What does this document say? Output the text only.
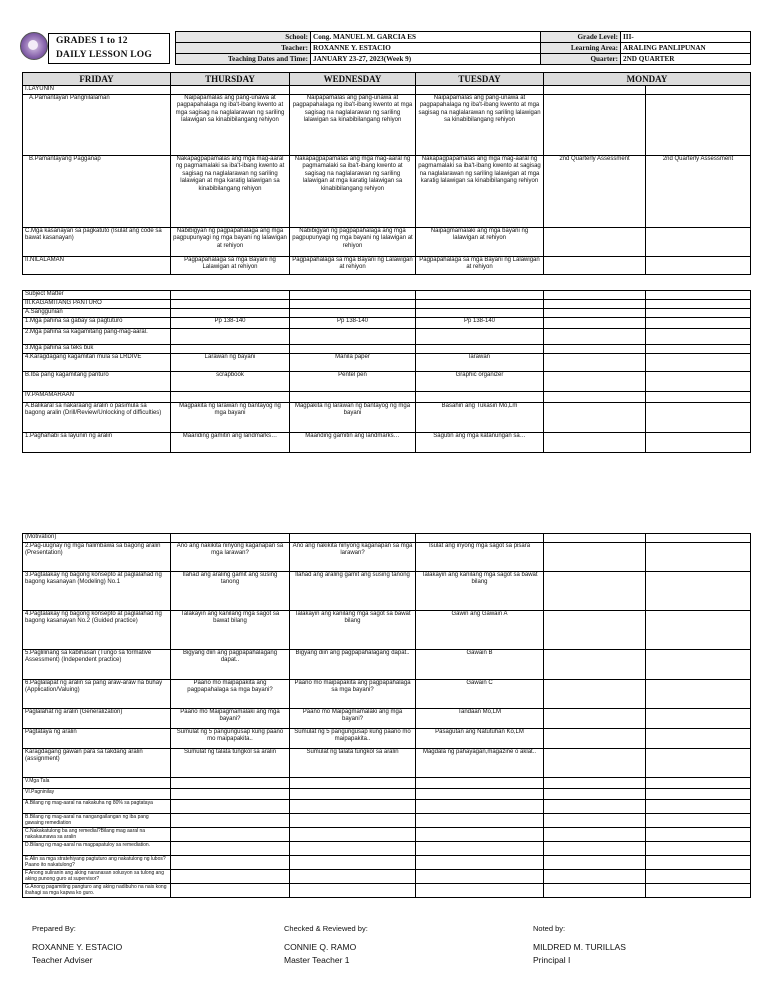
GRADES 1 to 12
DAILY LESSON LOG
School:	Cong. MANUEL M. GARCIA ES	Grade Level:	III-
Teacher:	ROXANNE Y. ESTACIO	Learning Area:	ARALING PANLIPUNAN
Teaching Dates and Time:	JANUARY 23-27, 2023(Week 9)	Quarter:	2ND QUARTER
FRIDAY	THURSDAY	WEDNESDAY	TUESDAY	MONDAY
I.LAYUNIN					
A.Pamantayan Pangnilalaman	Naipapamalas ang pang-unawa at pagpapahalaga ng iba't-ibang kwento at mga sagisag na naglalarawan ng sariling lalawigan sa kinabibilangang rehiyon	Naipapamalas ang pang-unawa at pagpapahalaga ng iba't-ibang kwento at mga sagisag na naglalarawan ng sariling lalawigan sa kinabibilangang rehiyon	Naipapamalas ang pang-unawa at pagpapahalaga ng iba't-ibang kwento at mga sagisag na naglalarawan ng sariling lalawigan sa kinabibilangang rehiyon		
B.Pamantayang Pagganap	Nakapagpapamalas ang mga mag-aaral ng pagmamalaki sa iba't-ibang kwento at sagisag na naglalarawan ng sariling lalawigan at mga karatig lalawigan sa kinabibilangang rehiyon	Nakapagpapamalas ang mga mag-aaral ng pagmamalaki sa iba't-ibang kwento at sagisag na naglalarawan ng sariling lalawigan at mga karatig lalawigan sa kinabibilangang rehiyon	Nakapagpapamalas ang mga mag-aaral ng pagmamalaki sa iba't-ibang kwento at sagisag na naglalarawan ng sariling lalawigan at mga karatig lalawigan sa kinabibilangang rehiyon	2nd Quarterly Assessment	2nd Quarterly Assessment
C.Mga kasanayan sa pagkatuto (Isulat ang code sa bawat kasanayan)	Nabibigyan ng pagpapahalaga ang mga pagpupunyagi ng mga bayani ng lalawigan at rehiyon	Nabibigyan ng pagpapahalaga ang mga pagpupunyagi ng mga bayani ng lalawigan at rehiyon	Naipagmamalaki ang mga bayani ng lalawigan at rehiyon		
II.NILALAMAN	Pagpapahalaga sa mga Bayani ng Lalawigan at rehiyon	Pagpapahalaga sa mga Bayani ng Lalawigan at rehiyon	Pagpapahalaga sa mga Bayani ng Lalawigan at rehiyon		
Subject Matter					
III.KAGAMITANG PANTURO					
A.Sanggunian					
1.Mga pahina sa gabay sa pagtuturo	Pp 138-140	Pp 138-140	Pp 138-140		
2.Mga pahina sa kagamitang pang-mag-aaral.					
3.Mga pahina sa teks buk					
4.Karagdagang kagamitan mula sa LRDIVE	Larawan ng bayani	Manila paper	larawan		
B.Iba pang kagamitang panturo	scrapbook	Pentel pen	Graphic organizer		
IV.PAMAMARAAN					
A.Balikaral sa nakaraang aralin o pasimula sa bagong aralin (Drill/Review/Unlocking of difficulties)	Magpakita ng larawan ng bantayog ng mga bayani	Magpakita ng larawan ng bantayog ng mga bayani	Basahin ang Tukasin Mo,Lm		
1.Paghahabi sa layunin ng aralin	Maariding gamitin ang landmarks…	Maariding gamitin ang landmarks…	Sagutin ang mga katanungan sa…		
(Motivation)					
2.Pag-uugnay ng mga halimbawa sa bagong aralin (Presentation)	Ano ang nakikita ninyong kaganapan sa mga larawan?	Ano ang nakikita ninyong kaganapan sa mga larawan?	Isulat ang inyong mga sagot sa pisara		
3.Pagtalakay ng bagong konsepto at paglalahad ng bagong kasanayan (Modeling) No.1	Ilahad ang araling gamit ang susing tanong	Ilahad ang araling gamit ang susing tanong	Talakayin ang kanilang mga sagot sa bawat bilang		
4.Pagtalakay ng bagong konsepto at paglalahad ng bagong kasanayan No.2 (Guided practice)	Talakayin ang kanilang mga sagot sa bawat bilang	Talakayin ang kanilang mga sagot sa bawat bilang	Gawin ang Gawain A		
5.Paglilinang sa kabihasan (Tungo sa formative Assessment) (Independent practice)	Bigyang diin ang pagpapahalagang dapat..	Bigyang diin ang pagpapahalagang dapat..	Gawain B		
6.Paglalapat ng aralin sa pang araw-araw na buhay (Application/Valuing)	Paano mo maipapakita ang pagpapahalaga sa mga bayani?	Paano mo maipapakita ang pagpapahalaga sa mga bayani?	Gawain C		
Paglalahat ng aralin (Generalization)	Paano mo Maipagmamalaki ang mga bayani?	Paano mo Maipagmamalaki ang mga bayani?	Tandaan Mo,LM		
Pagtataya ng aralin	Sumulat ng 5 pangungusap kung paano mo maipapakita..	Sumulat ng 5 pangungusap kung paano mo maipapakita..	Pasagutan ang Natutuhan Ko,LM		
Karagdagang gawain para sa takdang aralin (assignment)	Sumulat ng talata tungkol sa aralin	Sumulat ng talata tungkol sa aralin	Magdala ng pahayagan,magazine o aklat..		
V.Mga Tala					
VI.Pagninilay					
A.Bilang ng mag-aaral na nakakuha ng 80% sa pagtataya					
B.Bilang ng mag-aaral na nangangailangan ng iba pang gawaing remediation					
C.Nakakatulong ba ang remedial?Bilang mag aaral na nakakaunawa sa aralin					
D.Bilang ng mag-aaral na magpapatuloy sa remediation.					
E.Alin sa mga stratehiyang pagtuturo ang nakatulong ng lubos?Paano ito nakatulong?					
F.Anong suliranin ang aking naranasan solusyon sa tulong ang aking punong guro at supervisor?					
G.Anong pagamiting pangturo ang aking nadibuho na nais kong ibahagi sa mga kapwa ko guro.					
Prepared By:
ROXANNE Y. ESTACIO
Teacher Adviser
Checked & Reviewed by:
CONNIE Q. RAMO
Master Teacher 1
Noted by:
MILDRED M. TURILLAS
Principal I
